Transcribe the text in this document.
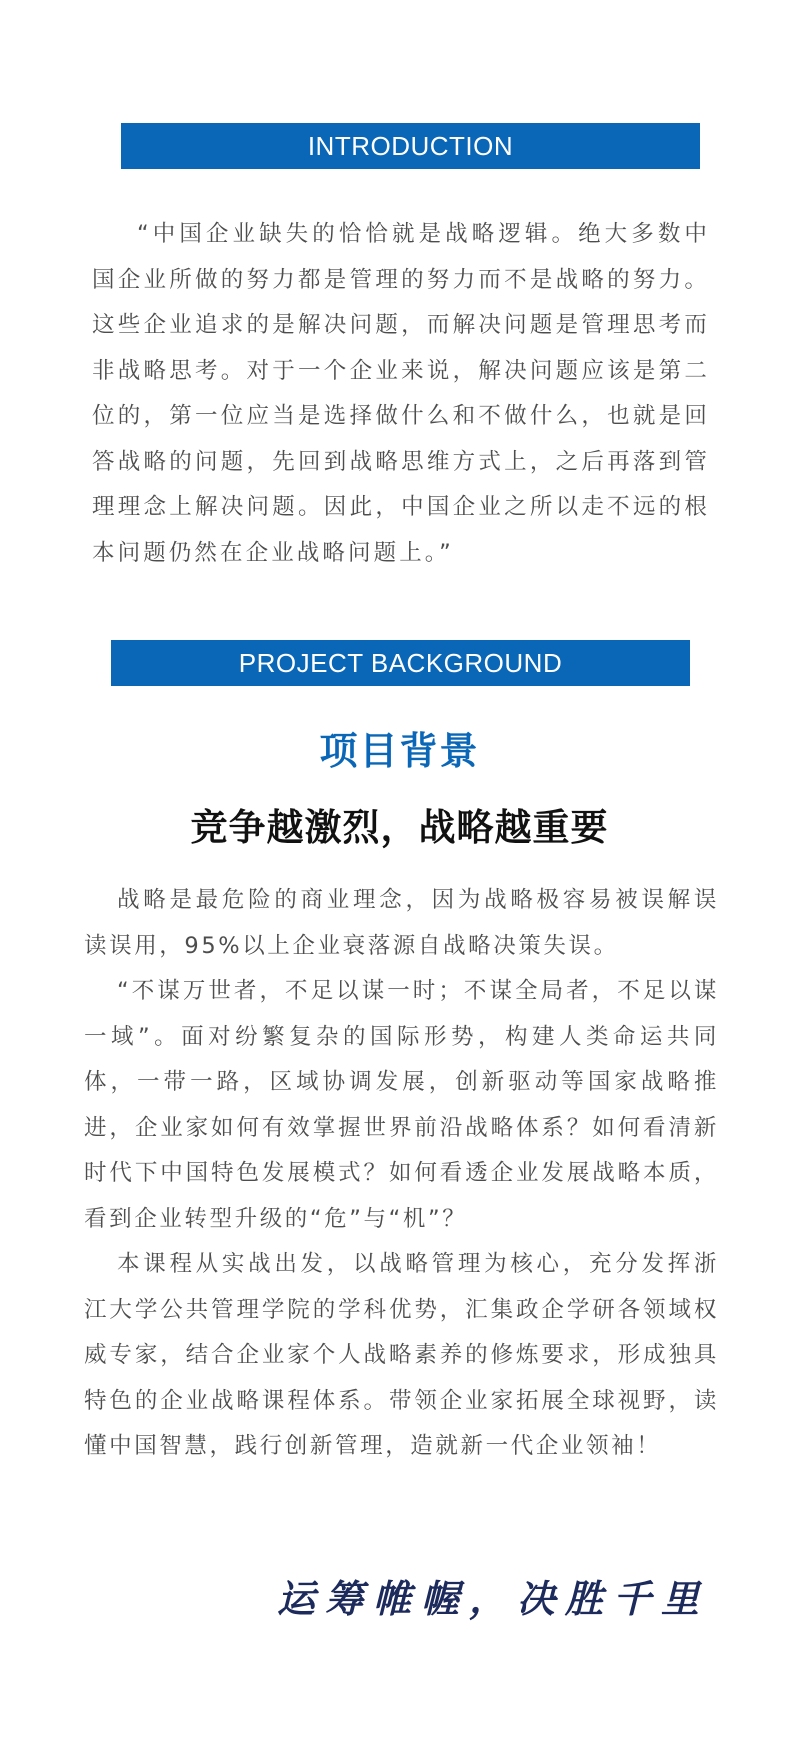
INTRODUCTION
“中国企业缺失的恰恰就是战略逻辑。绝大多数中国企业所做的努力都是管理的努力而不是战略的努力。这些企业追求的是解决问题，而解决问题是管理思考而非战略思考。对于一个企业来说，解决问题应该是第二位的，第一位应当是选择做什么和不做什么，也就是回答战略的问题，先回到战略思维方式上，之后再落到管理理念上解决问题。因此，中国企业之所以走不远的根本问题仍然在企业战略问题上。”
PROJECT BACKGROUND
项目背景
竞争越激烈，战略越重要

战略是最危险的商业理念，因为战略极容易被误解误读误用，95%以上企业衰落源自战略决策失误。

“不谋万世者，不足以谋一时；不谋全局者，不足以谋一域”。面对纷繁复杂的国际形势，构建人类命运共同体，一带一路，区域协调发展，创新驱动等国家战略推进，企业家如何有效掌握世界前沿战略体系？如何看清新时代下中国特色发展模式？如何看透企业发展战略本质，看到企业转型升级的“危”与“机”？

本课程从实战出发，以战略管理为核心，充分发挥浙江大学公共管理学院的学科优势，汇集政企学研各领域权威专家，结合企业家个人战略素养的修炼要求，形成独具特色的企业战略课程体系。带领企业家拓展全球视野，读懂中国智慧，践行创新管理，造就新一代企业领袖！

运筹帷幄，决胜千里
